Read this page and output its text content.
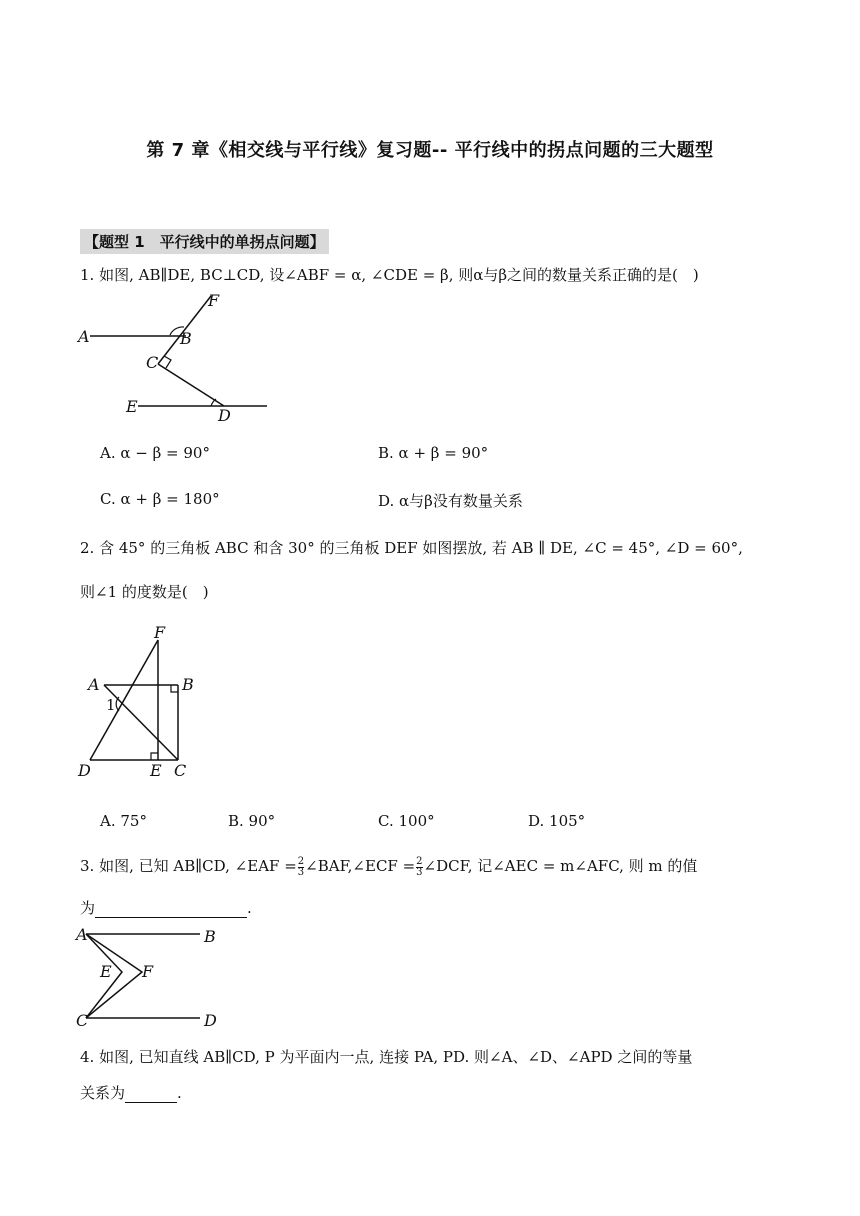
第 7 章《相交线与平行线》复习题-- 平行线中的拐点问题的三大题型
【题型 1　平行线中的单拐点问题】
1. 如图, AB∥DE, BC⊥CD, 设∠ABF = α, ∠CDE = β, 则α与β之间的数量关系正确的是(　)
A	B
C
D
E
F
A. α − β = 90°	B. α + β = 90°
C. α + β = 180°	D. α与β没有数量关系
2. 含 45° 的三角板 ABC 和含 30° 的三角板 DEF 如图摆放, 若 AB ∥ DE, ∠C = 45°, ∠D = 60°,
则∠1 的度数是(　)
F
A	B
1
D	E C
A. 75°	B. 90°	C. 100°	D. 105°
3. 如图, 已知 AB∥CD, ∠EAF = $\frac{2}{3}$ ∠BAF,∠ECF = $\frac{2}{3}$ ∠DCF, 记∠AEC = m∠AFC, 则 m 的值
为	.
A	B
E F
C	D
4. 如图, 已知直线 AB∥CD, P 为平面内一点, 连接 PA, PD. 则∠A、∠D、∠APD 之间的等量
关系为	.
